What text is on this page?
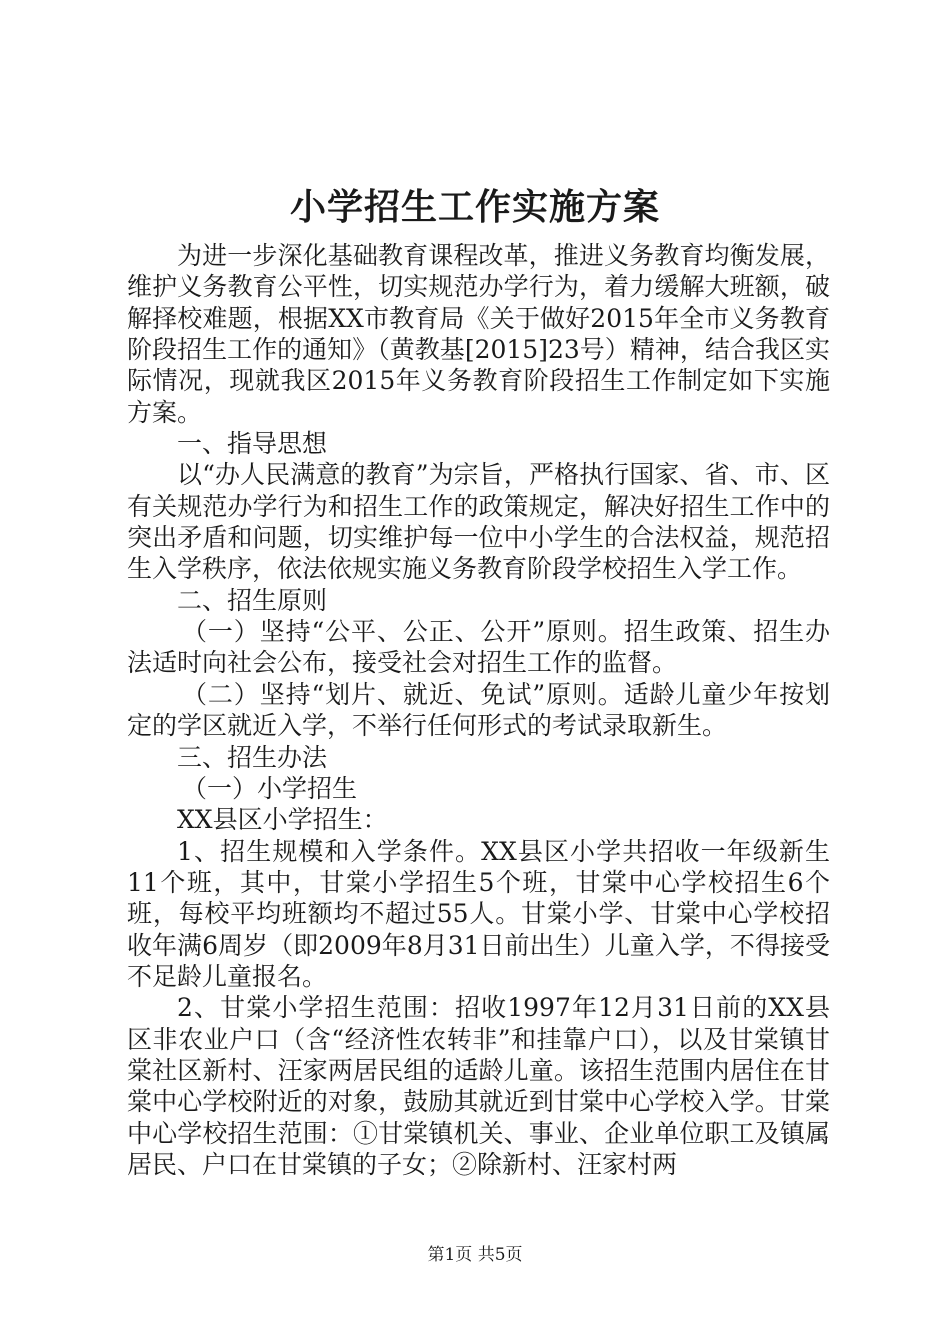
小学招生工作实施方案

为进一步深化基础教育课程改革，推进义务教育均衡发展，维护义务教育公平性，切实规范办学行为，着力缓解大班额，破解择校难题，根据XX市教育局《关于做好2015年全市义务教育阶段招生工作的通知》（黄教基[2015]23号）精神，结合我区实际情况，现就我区2015年义务教育阶段招生工作制定如下实施方案。

一、指导思想

以“办人民满意的教育”为宗旨，严格执行国家、省、市、区有关规范办学行为和招生工作的政策规定，解决好招生工作中的突出矛盾和问题，切实维护每一位中小学生的合法权益，规范招生入学秩序，依法依规实施义务教育阶段学校招生入学工作。

二、招生原则

（一）坚持“公平、公正、公开”原则。招生政策、招生办法适时向社会公布，接受社会对招生工作的监督。

（二）坚持“划片、就近、免试”原则。适龄儿童少年按划定的学区就近入学，不举行任何形式的考试录取新生。

三、招生办法

（一）小学招生

XX县区小学招生：

1、招生规模和入学条件。XX县区小学共招收一年级新生11个班，其中，甘棠小学招生5个班，甘棠中心学校招生6个班，每校平均班额均不超过55人。甘棠小学、甘棠中心学校招收年满6周岁（即2009年8月31日前出生）儿童入学，不得接受不足龄儿童报名。

2、甘棠小学招生范围：招收1997年12月31日前的XX县区非农业户口（含“经济性农转非”和挂靠户口），以及甘棠镇甘棠社区新村、汪家两居民组的适龄儿童。该招生范围内居住在甘棠中心学校附近的对象，鼓励其就近到甘棠中心学校入学。甘棠中心学校招生范围：①甘棠镇机关、事业、企业单位职工及镇属居民、户口在甘棠镇的子女；②除新村、汪家村两

第1页 共5页
